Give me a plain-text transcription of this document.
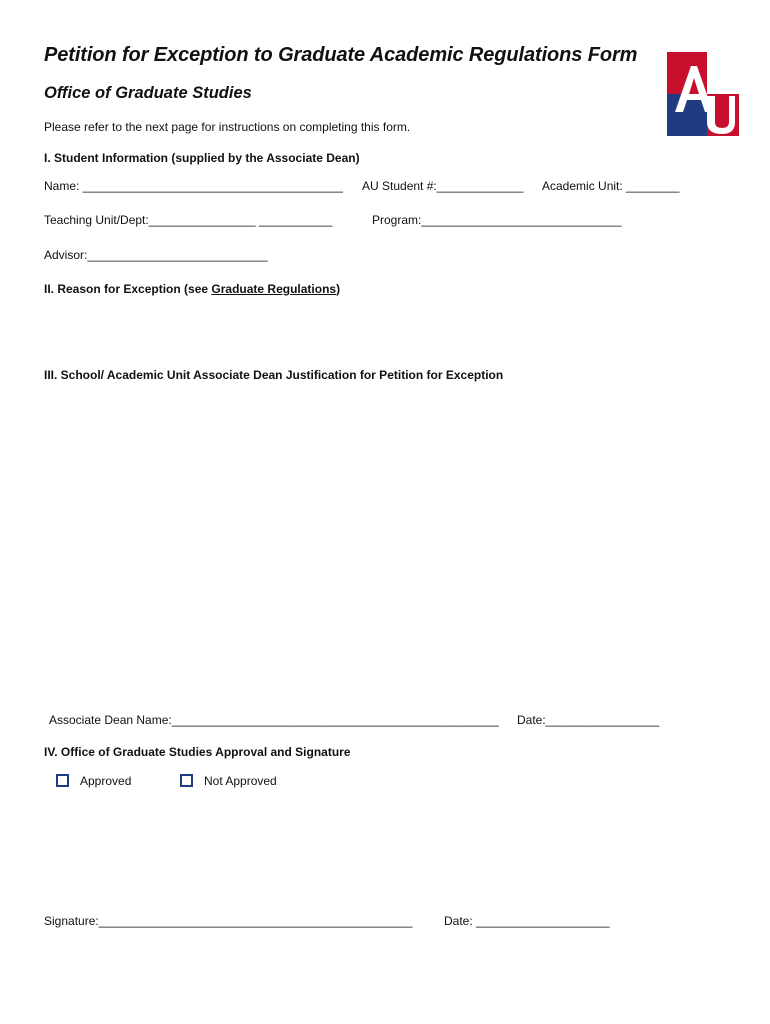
Petition for Exception to Graduate Academic Regulations Form
Office of Graduate Studies
Please refer to the next page for instructions on completing this form.
I. Student Information (supplied by the Associate Dean)
Name: _______________________________________ AU Student #:_____________ Academic Unit: ________
Teaching Unit/Dept:________________ ___________	Program:______________________________
Advisor:___________________________
II. Reason for Exception (see Graduate Regulations)
III. School/ Academic Unit Associate Dean Justification for Petition for Exception
Associate Dean Name:_________________________________________________ Date:_________________
IV. Office of Graduate Studies Approval and Signature
Approved	Not Approved
Signature:_______________________________________________	Date: ____________________
